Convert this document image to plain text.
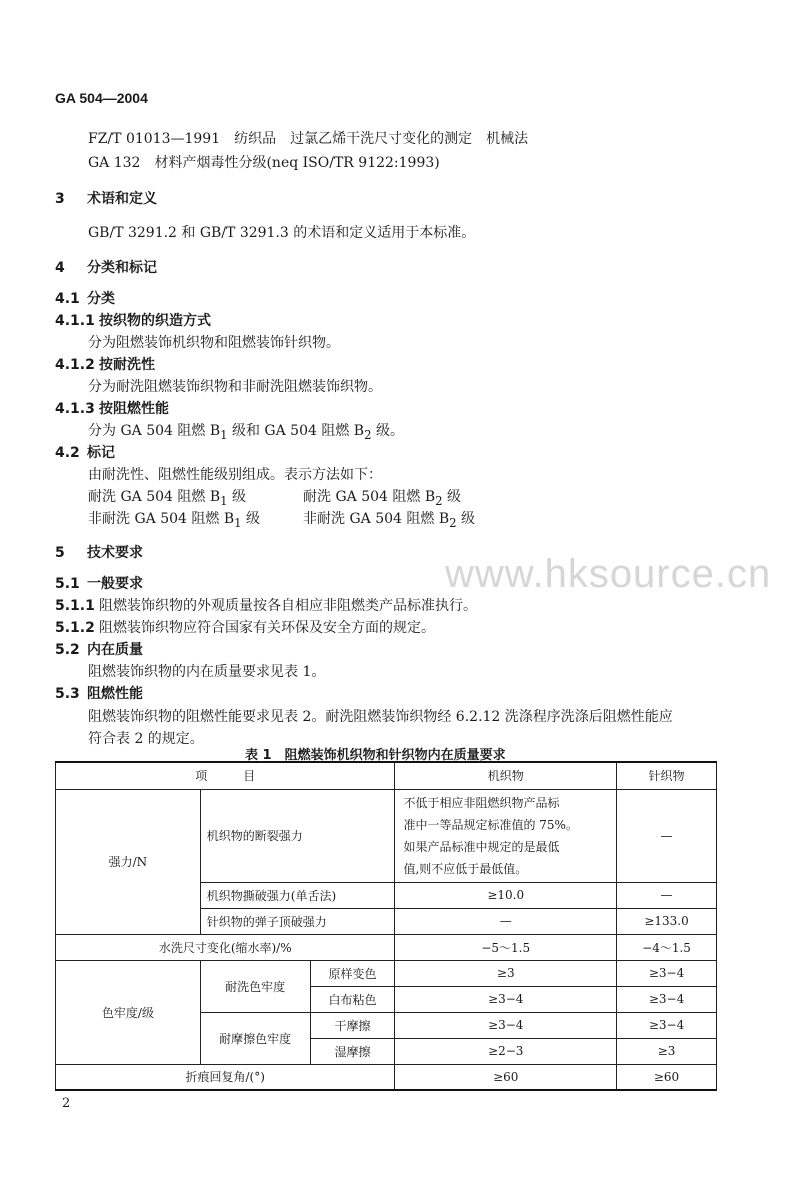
GA 504—2004
FZ/T 01013—1991　纺织品　过氯乙烯干洗尺寸变化的测定　机械法
GA 132　材料产烟毒性分级(neq ISO/TR 9122:1993)
3 术语和定义
GB/T 3291.2 和 GB/T 3291.3 的术语和定义适用于本标准。
4 分类和标记
4.1 分类
4.1.1 按织物的织造方式
分为阻燃装饰机织物和阻燃装饰针织物。
4.1.2 按耐洗性
分为耐洗阻燃装饰织物和非耐洗阻燃装饰织物。
4.1.3 按阻燃性能
分为 GA 504 阻燃 $B_1$ 级和 GA 504 阻燃 $B_2$ 级。
4.2 标记
由耐洗性、阻燃性能级别组成。表示方法如下：
耐洗 GA 504 阻燃 $B_1$ 级	耐洗 GA 504 阻燃 $B_2$ 级
非耐洗 GA 504 阻燃 $B_1$ 级	非耐洗 GA 504 阻燃 $B_2$ 级
5 技术要求	www.hksource.cn
5.1 一般要求
5.1.1 阻燃装饰织物的外观质量按各自相应非阻燃类产品标准执行。
5.1.2 阻燃装饰织物应符合国家有关环保及安全方面的规定。
5.2 内在质量
阻燃装饰织物的内在质量要求见表 1。
5.3 阻燃性能
阻燃装饰织物的阻燃性能要求见表 2。耐洗阻燃装饰织物经 6.2.12 洗涤程序洗涤后阻燃性能应
符合表 2 的规定。
表 1　阻燃装饰机织物和针织物内在质量要求
项　　　目			机织物	针织物
强力/N	机织物的断裂强力		不低于相应非阻燃织物产品标
准中一等品规定标准值的 75%。
如果产品标准中规定的是最低
值,则不应低于最低值。	—
	机织物撕破强力(单舌法)		≥10.0	—
	针织物的弹子顶破强力		—	≥133.0
水洗尺寸变化(缩水率)/%			−5～1.5	−4～1.5
色牢度/级	耐洗色牢度	原样变色	≥3	≥3−4
		白布粘色	≥3−4	≥3−4
	耐摩擦色牢度	干摩擦	≥3−4	≥3−4
		湿摩擦	≥2−3	≥3
折痕回复角/(°)			≥60	≥60
2
